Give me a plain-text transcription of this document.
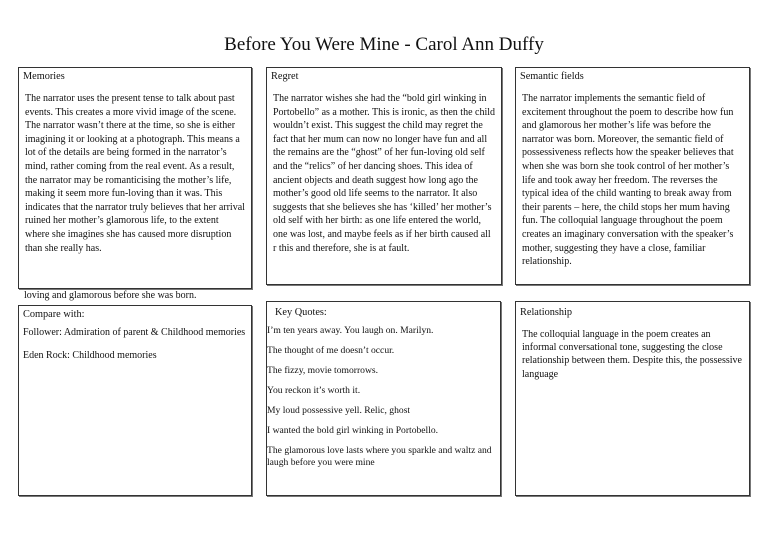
Before You Were Mine - Carol Ann Duffy
Memories
The narrator uses the present tense to talk about past events. This creates a more vivid image of the scene. The narrator wasn’t there at the time, so she is either imagining it or looking at a photograph. This means a lot of the details are being formed in the narrator’s mind, rather coming from the real event. As a result, the narrator may be romanticising the mother’s life, making it seem more fun-loving than it was. This indicates that the narrator truly believes that her arrival ruined her mother’s glamorous life, to the extent where she imagines she has caused more disruption than she really has.
loving and glamorous before she was born.
Regret
The narrator wishes she had the “bold girl winking in Portobello” as a mother. This is ironic, as then the child wouldn’t exist. This suggest the child may regret the fact that her mum can now no longer have fun and all the remains are the “ghost” of her fun-loving old self and the “relics” of her dancing shoes. This idea of ancient objects and death suggest how long ago the mother’s good old life seems to the narrator. It also suggests that she believes she has ‘killed’ her mother’s old self with her birth: as one life entered the world, one was lost, and maybe feels as if her birth caused all r this and therefore, she is at fault.
Semantic fields
The narrator implements the semantic field of excitement throughout the poem to describe how fun and glamorous her mother’s life was before the narrator was born. Moreover, the semantic field of possessiveness reflects how the speaker believes that when she was born she took control of her mother’s life and took away her freedom. The reverses the typical idea of the child wanting to break away from their parents – here, the child stops her mum having fun. The colloquial language throughout the poem creates an imaginary conversation with the speaker’s mother, suggesting they have a close, familiar relationship.
Compare with:

Follower: Admiration of parent & Childhood memories

Eden Rock: Childhood memories

Key Quotes:

I’m ten years away. You laugh on. Marilyn.

The thought of me doesn’t occur.

The fizzy, movie tomorrows.

You reckon it’s worth it.

My loud possessive yell. Relic, ghost

I wanted the bold girl winking in Portobello.

The glamorous love lasts where you sparkle and waltz and laugh before you were mine

Relationship
The colloquial language in the poem creates an informal conversational tone, suggesting the close relationship between them. Despite this, the possessive language
